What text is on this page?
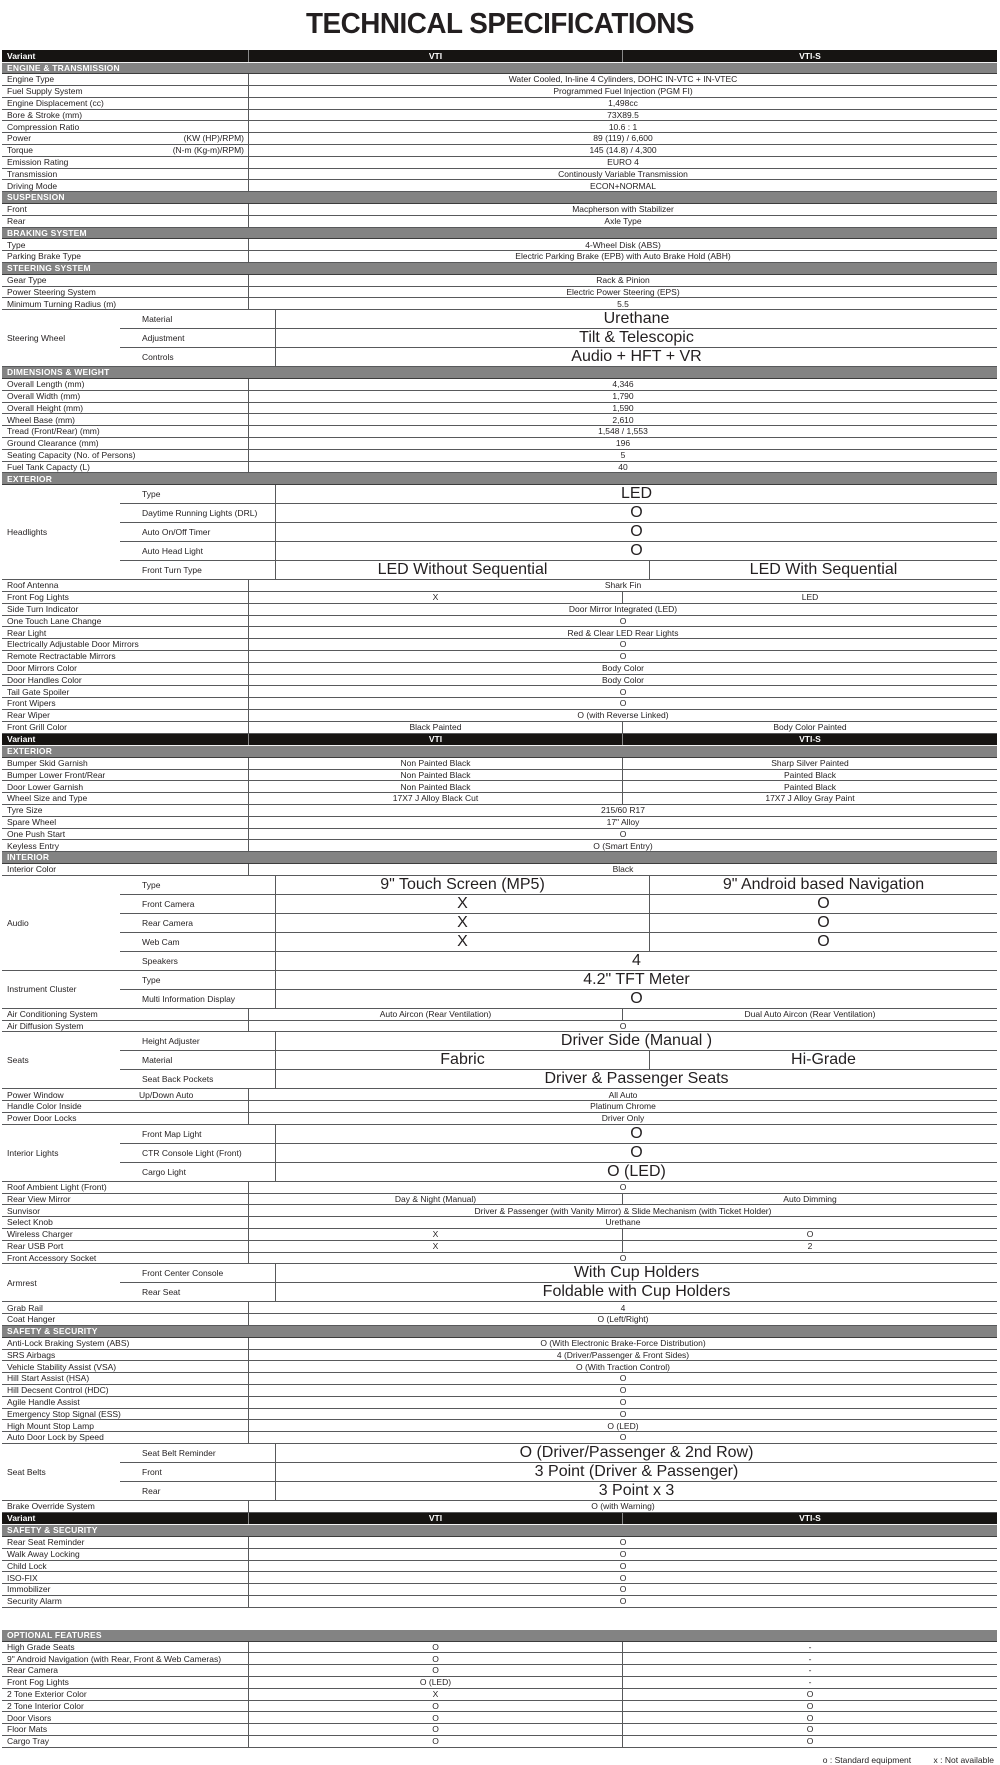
TECHNICAL SPECIFICATIONS
Variant	VTI	VTI-S
ENGINE & TRANSMISSION
Engine Type	Water Cooled, In-line 4 Cylinders, DOHC IN-VTC + IN-VTEC
Fuel Supply System	Programmed Fuel Injection (PGM FI)
Engine Displacement (cc)	1,498cc
Bore & Stroke (mm)	73X89.5
Compression Ratio	10.6 : 1
Power	(KW (HP)/RPM)	89 (119) / 6,600
Torque	(N-m (Kg-m)/RPM)	145 (14.8) / 4,300
Emission Rating	EURO 4
Transmission	Continously Variable Transmission
Driving Mode	ECON+NORMAL
SUSPENSION
Front	Macpherson with Stabilizer
Rear	Axle Type
BRAKING SYSTEM
Type	4-Wheel Disk (ABS)
Parking Brake Type	Electric Parking Brake (EPB) with Auto Brake Hold (ABH)
STEERING SYSTEM
Gear Type	Rack & Pinion
Power Steering System	Electric Power Steering (EPS)
Minimum Turning Radius (m)	5.5
Steering Wheel
Material	Urethane
Adjustment	Tilt & Telescopic
Controls	Audio + HFT + VR
DIMENSIONS & WEIGHT
Overall Length (mm)	4,346
Overall Width (mm)	1,790
Overall Height (mm)	1,590
Wheel Base (mm)	2,610
Tread (Front/Rear) (mm)	1,548 / 1,553
Ground Clearance (mm)	196
Seating Capacity (No. of Persons)	5
Fuel Tank Capacty (L)	40
EXTERIOR
Headlights
Type	LED
Daytime Running Lights (DRL)	O
Auto On/Off Timer	O
Auto Head Light	O
Front Turn Type	LED Without Sequential	LED With Sequential
Roof Antenna	Shark Fin
Front Fog Lights	X	LED
Side Turn Indicator	Door Mirror Integrated (LED)
One Touch Lane Change	O
Rear Light	Red & Clear LED Rear Lights
Electrically Adjustable Door Mirrors	O
Remote Rectractable Mirrors	O
Door Mirrors Color	Body Color
Door Handles Color	Body Color
Tail Gate Spoiler	O
Front Wipers	O
Rear Wiper	O (with Reverse Linked)
Front Grill Color	Black Painted	Body Color Painted
Variant	VTI	VTI-S
EXTERIOR
Bumper Skid Garnish	Non Painted Black	Sharp Silver Painted
Bumper Lower Front/Rear	Non Painted Black	Painted Black
Door Lower Garnish	Non Painted Black	Painted Black
Wheel Size and Type	17X7 J Alloy Black Cut	17X7 J Alloy Gray Paint
Tyre Size	215/60 R17
Spare Wheel	17" Alloy
One Push Start	O
Keyless Entry	O (Smart Entry)
INTERIOR
Interior Color	Black
Audio
Type	9" Touch Screen (MP5)	9" Android based Navigation
Front Camera	X	O
Rear Camera	X	O
Web Cam	X	O
Speakers	4
Instrument Cluster
Type	4.2" TFT Meter
Multi Information Display	O
Air Conditioning System	Auto Aircon (Rear Ventilation)	Dual Auto Aircon (Rear Ventilation)
Air Diffusion System	O
Seats
Height Adjuster	Driver Side (Manual )
Material	Fabric	Hi-Grade
Seat Back Pockets	Driver & Passenger Seats
Power Window	Up/Down Auto	All Auto
Handle Color Inside	Platinum Chrome
Power Door Locks	Driver Only
Interior Lights
Front Map Light	O
CTR Console Light (Front)	O
Cargo Light	O (LED)
Roof Ambient Light (Front)	O
Rear View Mirror	Day & Night (Manual)	Auto Dimming
Sunvisor	Driver & Passenger (with Vanity Mirror) & Slide Mechanism (with Ticket Holder)
Select Knob	Urethane
Wireless Charger	X	O
Rear USB Port	X	2
Front Accessory Socket	O
Armrest
Front Center Console	With Cup Holders
Rear Seat	Foldable with Cup Holders
Grab Rail	4
Coat Hanger	O (Left/Right)
SAFETY & SECURITY
Anti-Lock Braking System (ABS)	O (With Electronic Brake-Force Distribution)
SRS Airbags	4 (Driver/Passenger & Front Sides)
Vehicle Stability Assist (VSA)	O (With Traction Control)
Hill Start Assist (HSA)	O
Hill Decsent Control (HDC)	O
Agile Handle Assist	O
Emergency Stop Signal (ESS)	O
High Mount Stop Lamp	O (LED)
Auto Door Lock by Speed	O
Seat Belts
Seat Belt Reminder	O (Driver/Passenger & 2nd Row)
Front	3 Point (Driver & Passenger)
Rear	3 Point x 3
Brake Override System	O (with Warning)
Variant	VTI	VTI-S
SAFETY & SECURITY
Rear Seat Reminder	O
Walk Away Locking	O
Child Lock	O
ISO-FIX	O
Immobilizer	O
Security Alarm	O
OPTIONAL FEATURES
High Grade Seats	O	-
9" Android Navigation (with Rear, Front & Web Cameras)	O	-
Rear Camera	O	-
Front Fog Lights	O (LED)	-
2 Tone Exterior Color	X	O
2 Tone Interior Color	O	O
Door Visors	O	O
Floor Mats	O	O
Cargo Tray	O	O
o : Standard equipment	x : Not available
